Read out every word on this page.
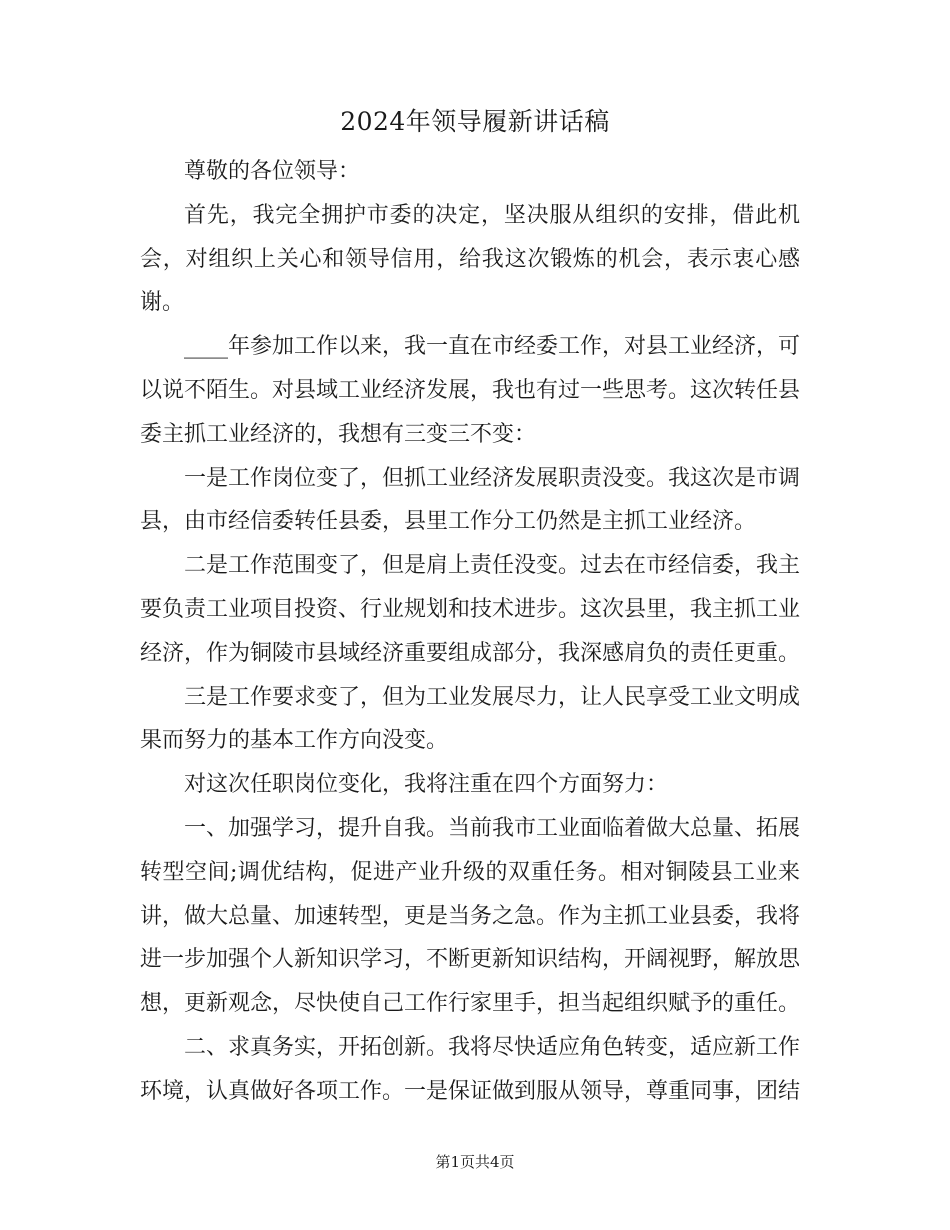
2024年领导履新讲话稿

尊敬的各位领导：

首先，我完全拥护市委的决定，坚决服从组织的安排，借此机会，对组织上关心和领导信用，给我这次锻炼的机会，表示衷心感谢。

____年参加工作以来，我一直在市经委工作，对县工业经济，可以说不陌生。对县域工业经济发展，我也有过一些思考。这次转任县委主抓工业经济的，我想有三变三不变：

一是工作岗位变了，但抓工业经济发展职责没变。我这次是市调县，由市经信委转任县委，县里工作分工仍然是主抓工业经济。

二是工作范围变了，但是肩上责任没变。过去在市经信委，我主要负责工业项目投资、行业规划和技术进步。这次县里，我主抓工业经济，作为铜陵市县域经济重要组成部分，我深感肩负的责任更重。

三是工作要求变了，但为工业发展尽力，让人民享受工业文明成果而努力的基本工作方向没变。

对这次任职岗位变化，我将注重在四个方面努力：

一、加强学习，提升自我。当前我市工业面临着做大总量、拓展转型空间;调优结构，促进产业升级的双重任务。相对铜陵县工业来讲，做大总量、加速转型，更是当务之急。作为主抓工业县委，我将进一步加强个人新知识学习，不断更新知识结构，开阔视野，解放思想，更新观念，尽快使自己工作行家里手，担当起组织赋予的重任。

二、求真务实，开拓创新。我将尽快适应角色转变，适应新工作环境，认真做好各项工作。一是保证做到服从领导，尊重同事，团结

第1页共4页
